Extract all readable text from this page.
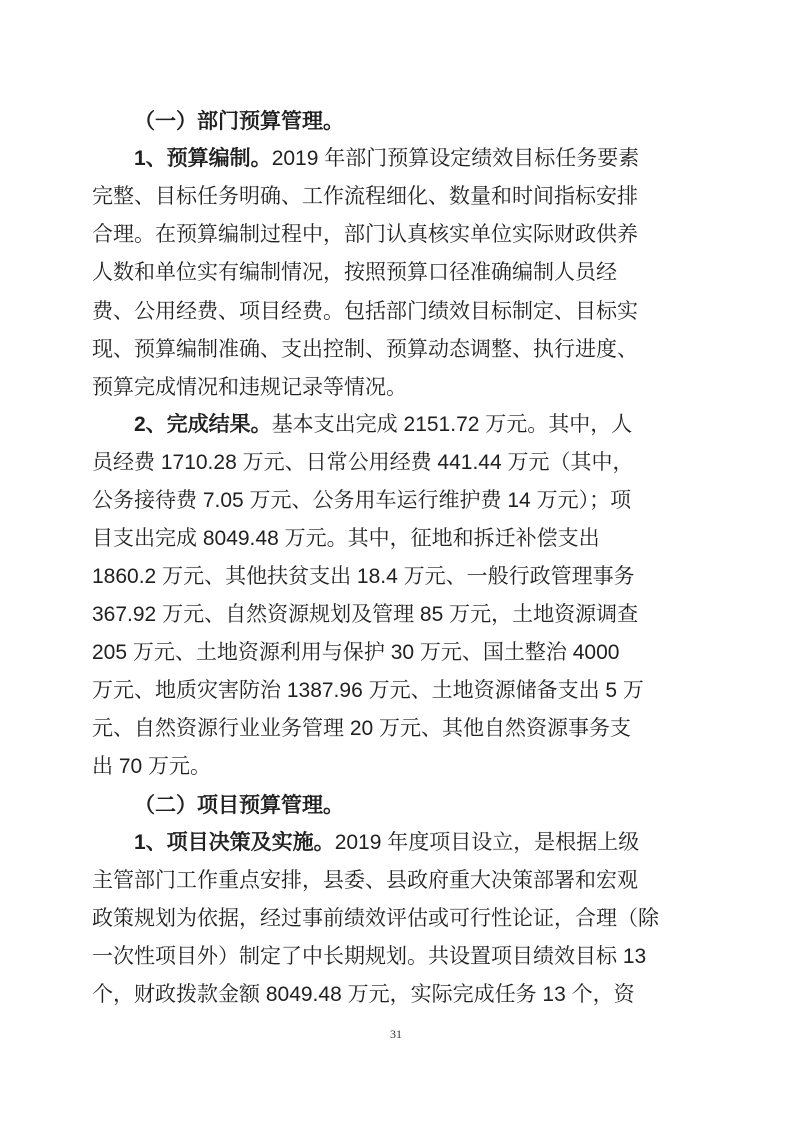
（一）部门预算管理。
1、预算编制。2019 年部门预算设定绩效目标任务要素
完整、目标任务明确、工作流程细化、数量和时间指标安排
合理。在预算编制过程中，部门认真核实单位实际财政供养
人数和单位实有编制情况，按照预算口径准确编制人员经
费、公用经费、项目经费。包括部门绩效目标制定、目标实
现、预算编制准确、支出控制、预算动态调整、执行进度、
预算完成情况和违规记录等情况。
2、完成结果。基本支出完成 2151.72 万元。其中，人
员经费 1710.28 万元、日常公用经费 441.44 万元（其中，
公务接待费 7.05 万元、公务用车运行维护费 14 万元）；项
目支出完成 8049.48 万元。其中，征地和拆迁补偿支出
1860.2 万元、其他扶贫支出 18.4 万元、一般行政管理事务
367.92 万元、自然资源规划及管理 85 万元，土地资源调查
205 万元、土地资源利用与保护 30 万元、国土整治 4000
万元、地质灾害防治 1387.96 万元、土地资源储备支出 5 万
元、自然资源行业业务管理 20 万元、其他自然资源事务支
出 70 万元。
（二）项目预算管理。
1、项目决策及实施。2019 年度项目设立，是根据上级
主管部门工作重点安排，县委、县政府重大决策部署和宏观
政策规划为依据，经过事前绩效评估或可行性论证，合理（除
一次性项目外）制定了中长期规划。共设置项目绩效目标 13
个，财政拨款金额 8049.48 万元，实际完成任务 13 个，资
31
